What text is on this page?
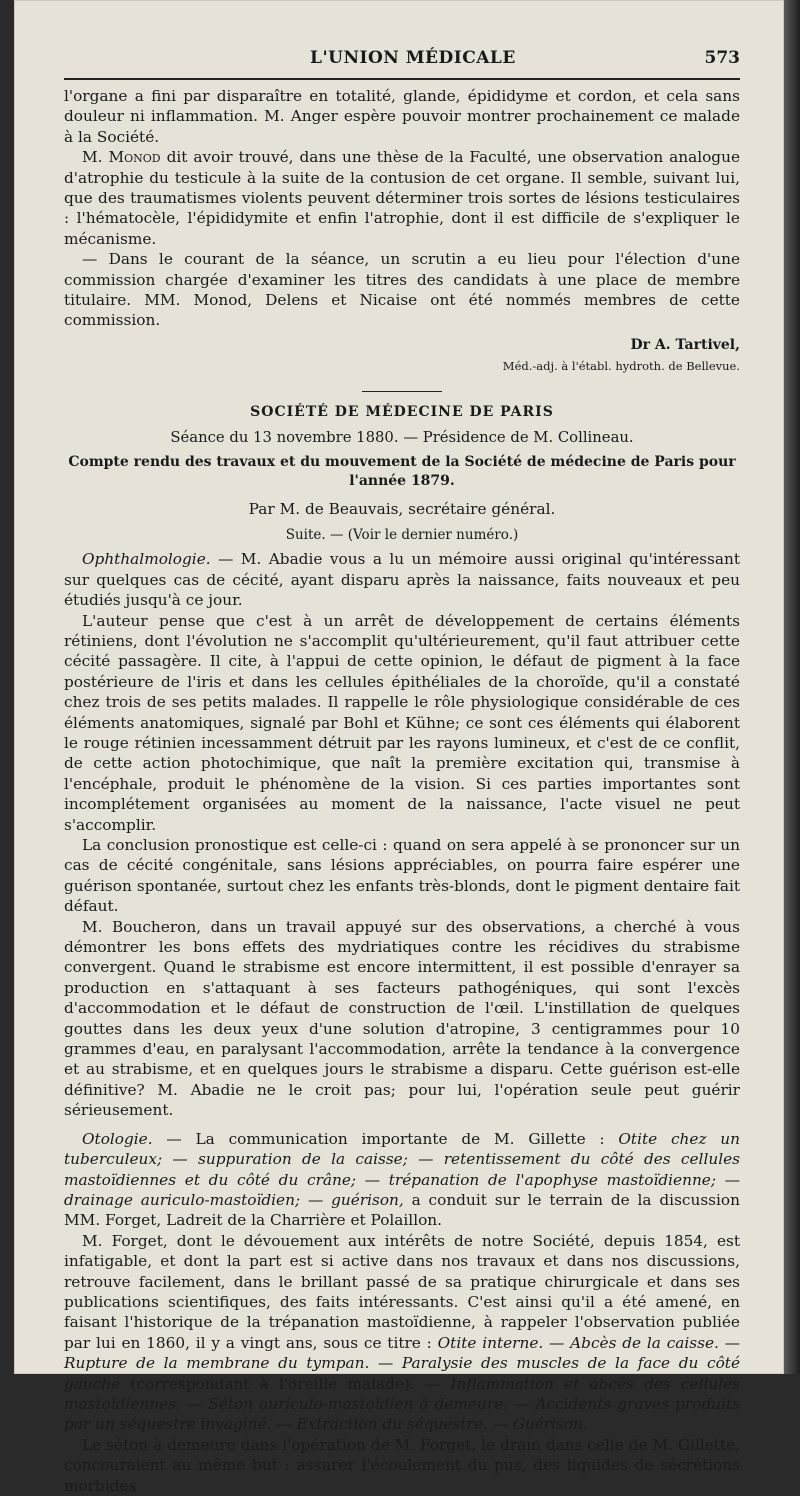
L'UNION MÉDICALE	573

l'organe a fini par disparaître en totalité, glande, épididyme et cordon, et cela sans douleur ni inflammation. M. Anger espère pouvoir montrer prochainement ce malade à la Société.

M. Monod dit avoir trouvé, dans une thèse de la Faculté, une observation analogue d'atrophie du testicule à la suite de la contusion de cet organe. Il semble, suivant lui, que des traumatismes violents peuvent déterminer trois sortes de lésions testiculaires : l'hématocèle, l'épididymite et enfin l'atrophie, dont il est difficile de s'expliquer le mécanisme.

— Dans le courant de la séance, un scrutin a eu lieu pour l'élection d'une commission chargée d'examiner les titres des candidats à une place de membre titulaire. MM. Monod, Delens et Nicaise ont été nommés membres de cette commission.

Dr A. Tartivel,
Méd.-adj. à l'établ. hydroth. de Bellevue.
SOCIÉTÉ DE MÉDECINE DE PARIS
Séance du 13 novembre 1880. — Présidence de M. Collineau.
Compte rendu des travaux et du mouvement de la Société de médecine de Paris pour l'année 1879.
Par M. de Beauvais, secrétaire général.
Suite. — (Voir le dernier numéro.)

Ophthalmologie. — M. Abadie vous a lu un mémoire aussi original qu'intéressant sur quelques cas de cécité, ayant disparu après la naissance, faits nouveaux et peu étudiés jusqu'à ce jour.

L'auteur pense que c'est à un arrêt de développement de certains éléments rétiniens, dont l'évolution ne s'accomplit qu'ultérieurement, qu'il faut attribuer cette cécité passagère. Il cite, à l'appui de cette opinion, le défaut de pigment à la face postérieure de l'iris et dans les cellules épithéliales de la choroïde, qu'il a constaté chez trois de ses petits malades. Il rappelle le rôle physiologique considérable de ces éléments anatomiques, signalé par Bohl et Kühne; ce sont ces éléments qui élaborent le rouge rétinien incessamment détruit par les rayons lumineux, et c'est de ce conflit, de cette action photochimique, que naît la première excitation qui, transmise à l'encéphale, produit le phénomène de la vision. Si ces parties importantes sont incomplétement organisées au moment de la naissance, l'acte visuel ne peut s'accomplir.

La conclusion pronostique est celle-ci : quand on sera appelé à se prononcer sur un cas de cécité congénitale, sans lésions appréciables, on pourra faire espérer une guérison spontanée, surtout chez les enfants très-blonds, dont le pigment dentaire fait défaut.

M. Boucheron, dans un travail appuyé sur des observations, a cherché à vous démontrer les bons effets des mydriatiques contre les récidives du strabisme convergent. Quand le strabisme est encore intermittent, il est possible d'enrayer sa production en s'attaquant à ses facteurs pathogéniques, qui sont l'excès d'accommodation et le défaut de construction de l'œil. L'instillation de quelques gouttes dans les deux yeux d'une solution d'atropine, 3 centigrammes pour 10 grammes d'eau, en paralysant l'accommodation, arrête la tendance à la convergence et au strabisme, et en quelques jours le strabisme a disparu. Cette guérison est-elle définitive? M. Abadie ne le croit pas; pour lui, l'opération seule peut guérir sérieusement.

Otologie. — La communication importante de M. Gillette : Otite chez un tuberculeux; — suppuration de la caisse; — retentissement du côté des cellules mastoïdiennes et du côté du crâne; — trépanation de l'apophyse mastoïdienne; — drainage auriculo-mastoïdien; — guérison, a conduit sur le terrain de la discussion MM. Forget, Ladreit de la Charrière et Polaillon.

M. Forget, dont le dévouement aux intérêts de notre Société, depuis 1854, est infatigable, et dont la part est si active dans nos travaux et dans nos discussions, retrouve facilement, dans le brillant passé de sa pratique chirurgicale et dans ses publications scientifiques, des faits intéressants. C'est ainsi qu'il a été amené, en faisant l'historique de la trépanation mastoïdienne, à rappeler l'observation publiée par lui en 1860, il y a vingt ans, sous ce titre : Otite interne. — Abcès de la caisse. — Rupture de la membrane du tympan. — Paralysie des muscles de la face du côté gauche (correspondant à l'oreille malade). — Inflammation et abcès des cellules mastoïdiennes. — Séton auriculo-mastoïdien à demeure. — Accidents graves produits par un séquestre invaginé. — Extraction du séquestre. — Guérison.

Le séton à demeure dans l'opération de M. Forget, le drain dans celle de M. Gillette, concouraient au même but : assurer l'écoulement du pus, des liquides de sécrétions morbides
